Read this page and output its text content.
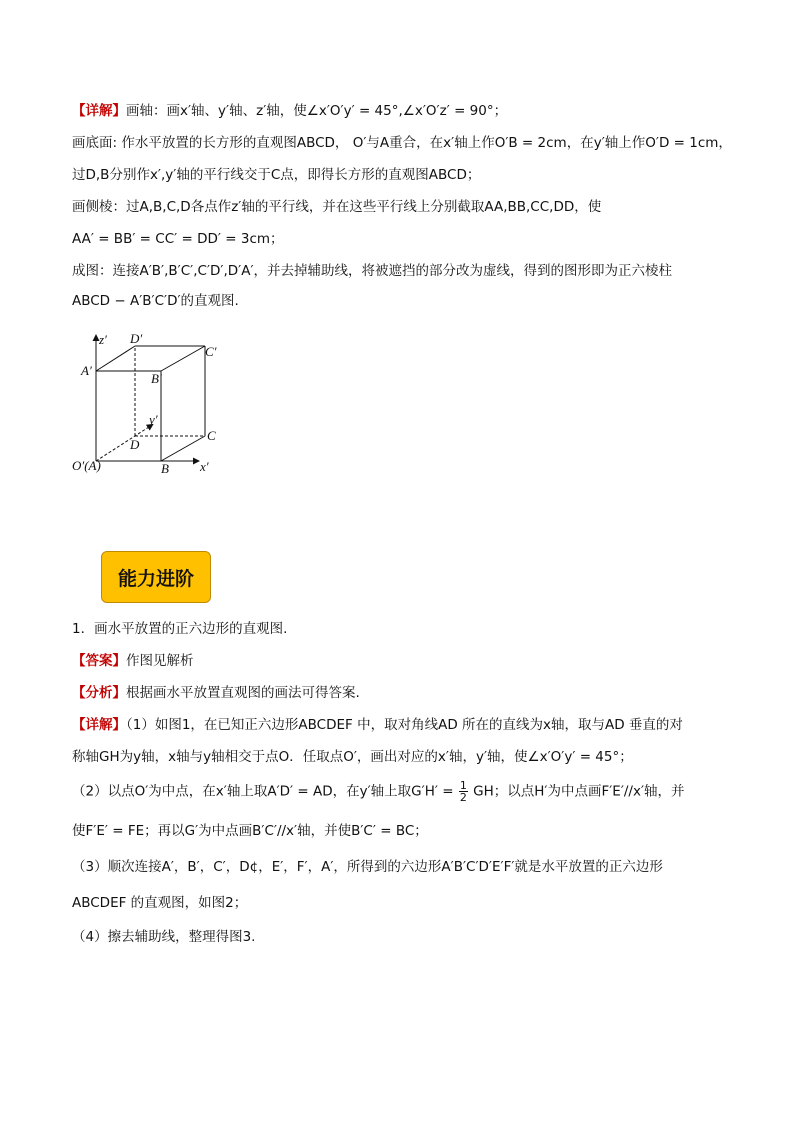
【详解】画轴：画x′轴、y′轴、z′轴，使∠x′O′y′ = 45°,∠x′O′z′ = 90°；
画底面: 作水平放置的长方形的直观图ABCD， O′与A重合，在x′轴上作O′B = 2cm，在y′轴上作O′D = 1cm，
过D,B分别作x′,y′轴的平行线交于C点，即得长方形的直观图ABCD；
画侧棱：过A,B,C,D各点作z′轴的平行线，并在这些平行线上分别截取AA,BB,CC,DD，使
AA′ = BB′ = CC′ = DD′ = 3cm；
成图：连接A′B′,B′C′,C′D′,D′A′，并去掉辅助线，将被遮挡的部分改为虚线，得到的图形即为正六棱柱
ABCD − A′B′C′D′的直观图.
z′ D′
C′
A′
B′
y′
D
C
O′(A)	B x′
能力进阶
1．画水平放置的正六边形的直观图.
【答案】作图见解析
【分析】根据画水平放置直观图的画法可得答案.
【详解】（1）如图1，在已知正六边形ABCDEF 中，取对角线AD 所在的直线为x轴，取与AD 垂直的对
称轴GH为y轴，x轴与y轴相交于点O．任取点O′，画出对应的x′轴，y′轴，使∠x′O′y′ = 45°；
（2）以点O′为中点，在x′轴上取A′D′ = AD，在y′轴上取$G'H' = \frac{1}{2}$ GH；以点H′为中点画F′E′//x′轴，并
使F′E′ = FE；再以G′为中点画B′C′//x′轴，并使B′C′ = BC；
（3）顺次连接A′，B′，C′，D¢，E′，F′，A′，所得到的六边形A′B′C′D′E′F′就是水平放置的正六边形
ABCDEF 的直观图，如图2；
（4）擦去辅助线，整理得图3.
